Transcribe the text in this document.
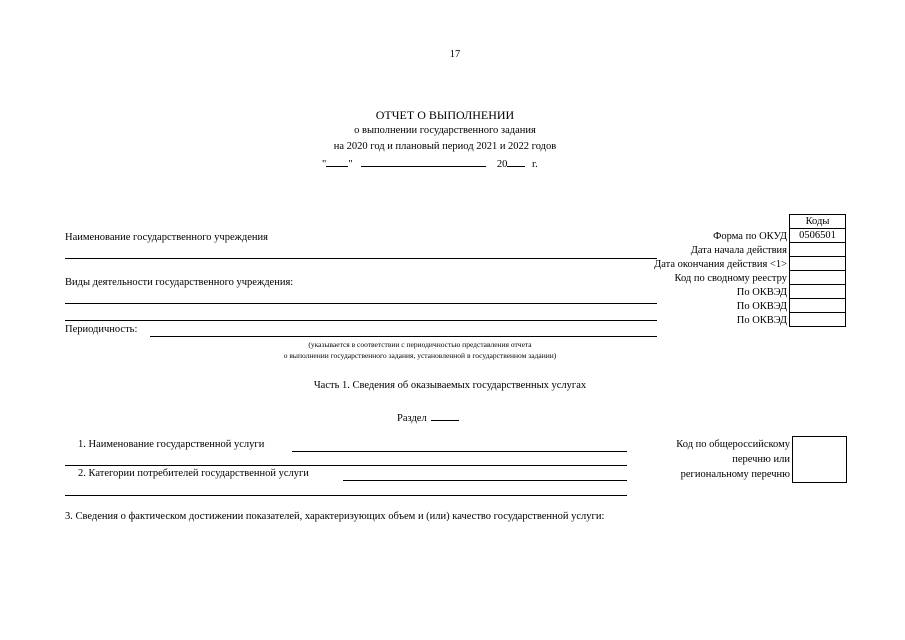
17
ОТЧЕТ О ВЫПОЛНЕНИИ
о выполнении государственного задания
на 2020 год и плановый период 2021 и 2022 годов
" "	20 г.
Наименование государственного учреждения
Виды деятельности государственного учреждения:
Периодичность:
(указывается в соответствии с периодичностью представления отчета
о выполнении государственного задания, установленной в государственном задании)
Коды
0506501
Форма по ОКУД
Дата начала действия
Дата окончания действия <1>
Код по сводному реестру
По ОКВЭД
По ОКВЭД
По ОКВЭД
Часть 1. Сведения об оказываемых государственных услугах
Раздел
1. Наименование государственной услуги
2. Категории потребителей государственной услуги
Код по общероссийскому
перечню или
региональному перечню
3. Сведения о фактическом достижении показателей, характеризующих объем и (или) качество государственной услуги:
